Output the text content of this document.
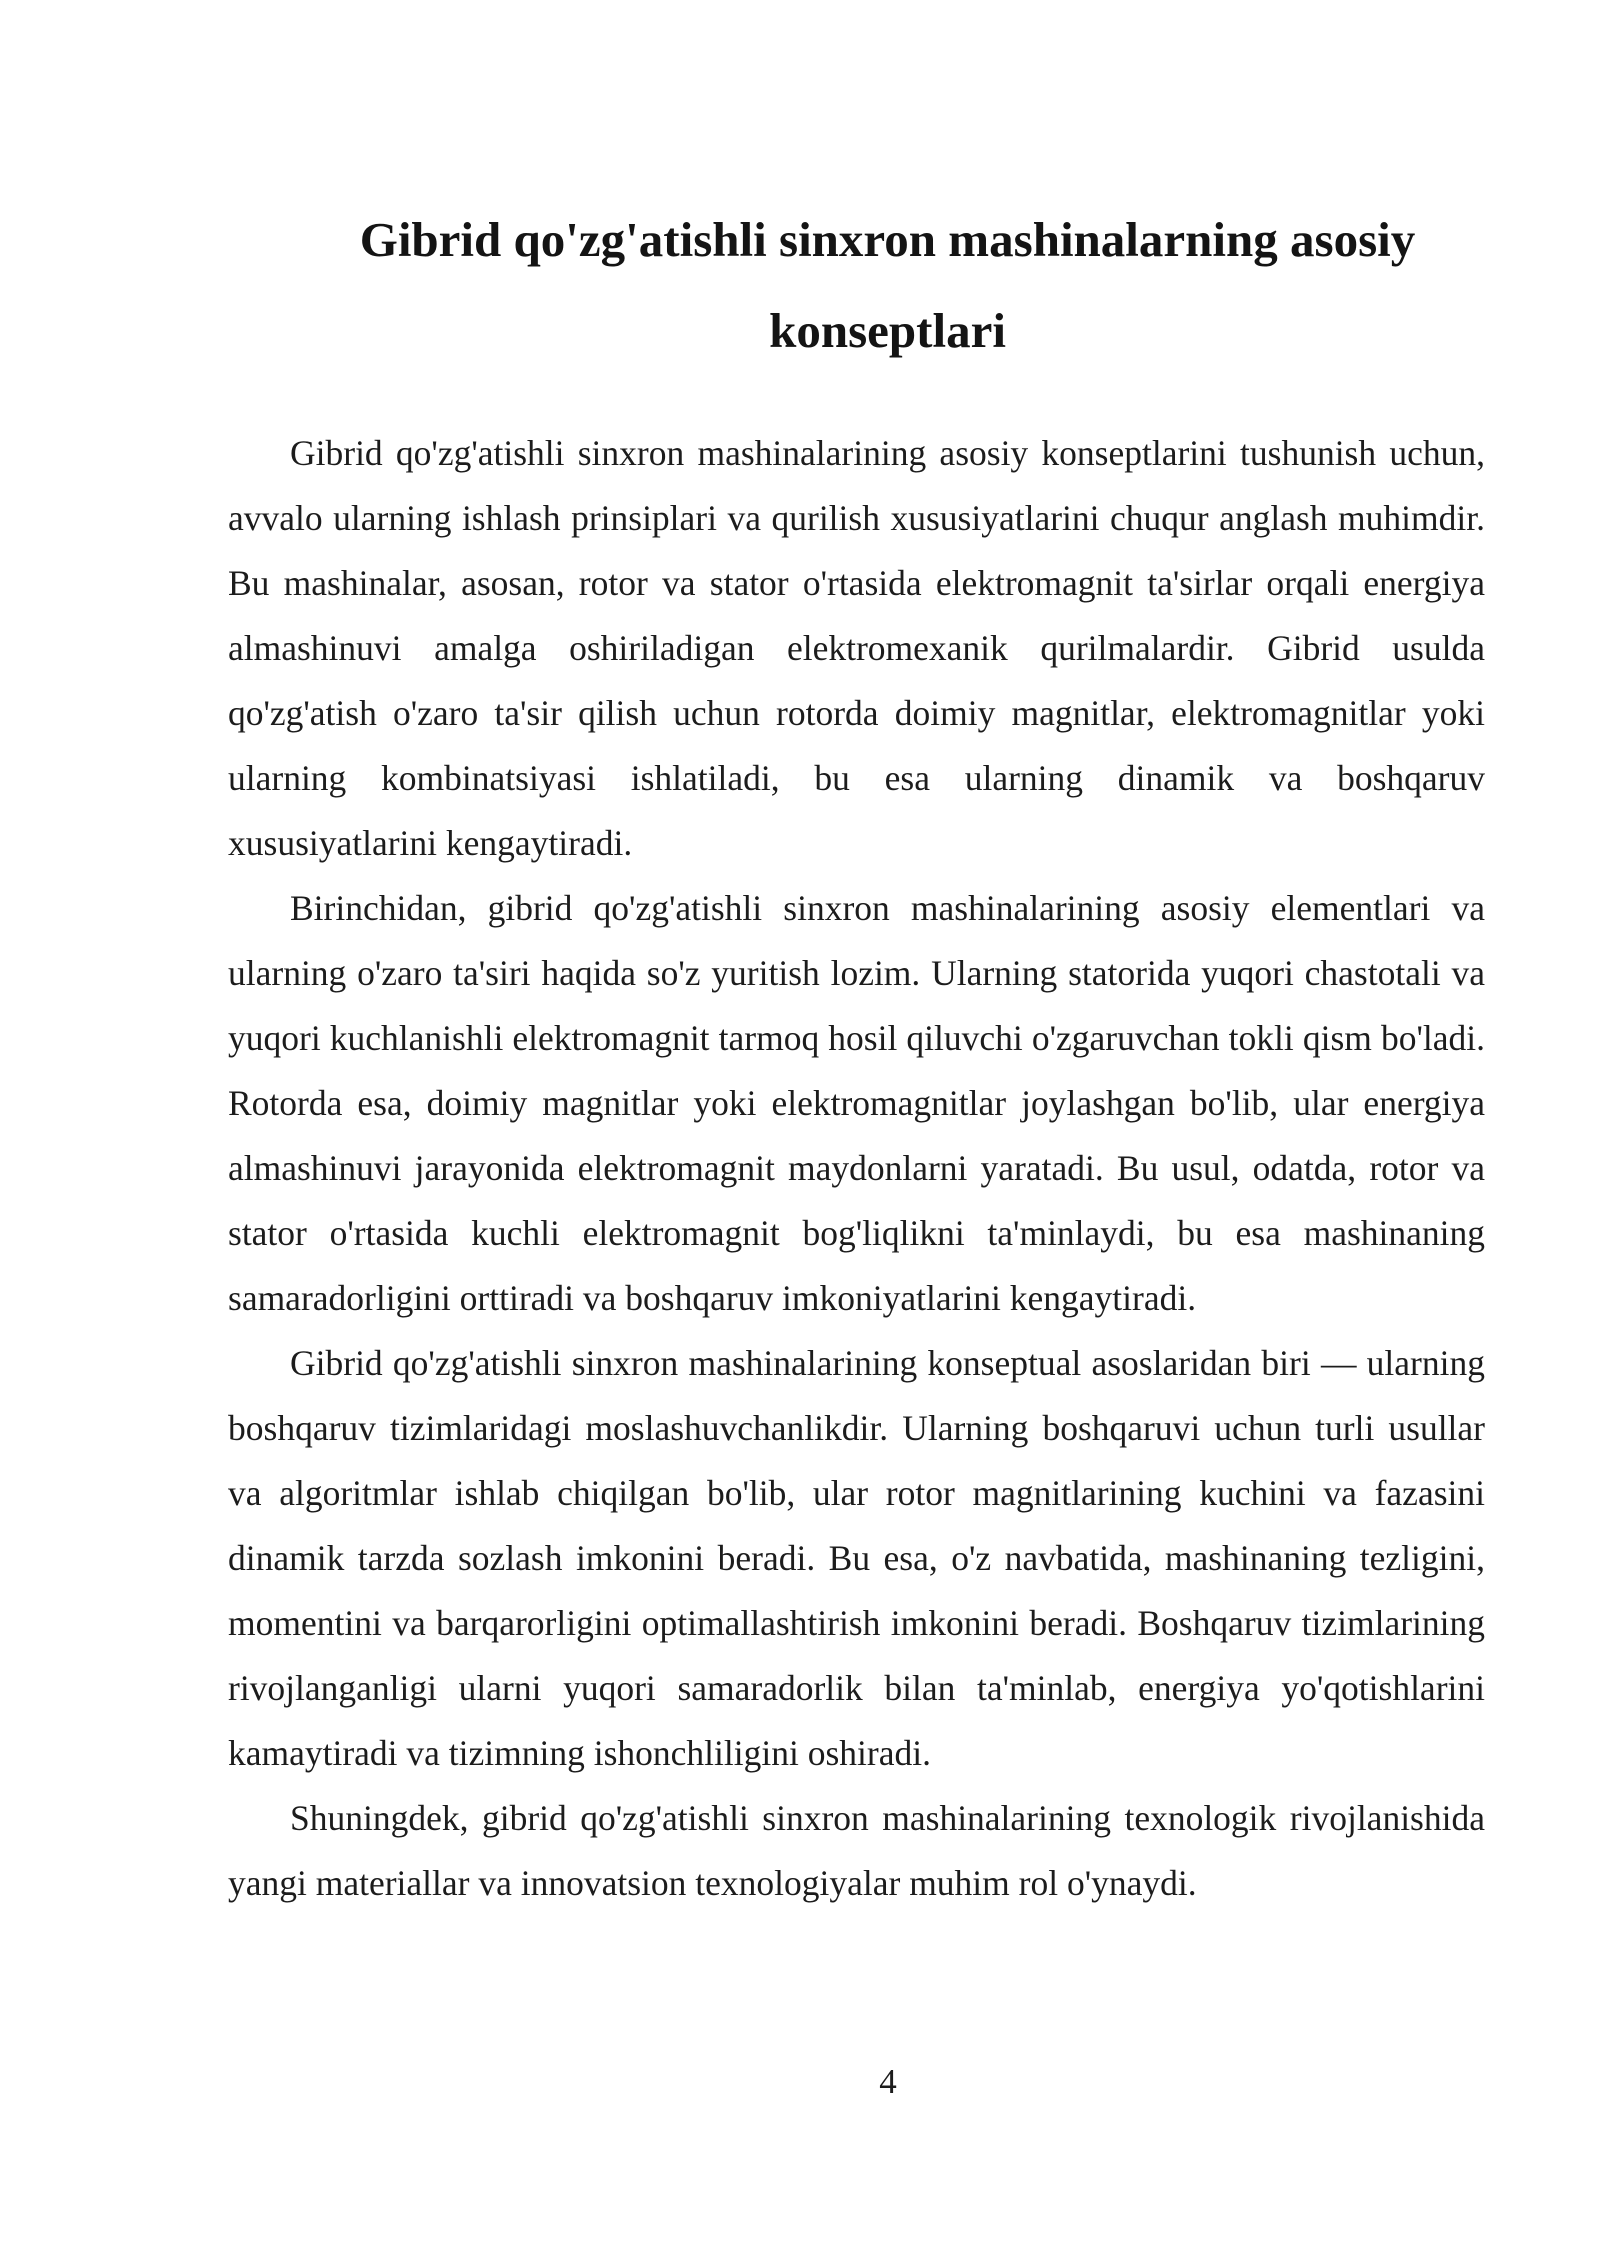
Gibrid qo'zg'atishli sinxron mashinalarning asosiy konseptlari

Gibrid qo'zg'atishli sinxron mashinalarining asosiy konseptlarini tushunish uchun, avvalo ularning ishlash prinsiplari va qurilish xususiyatlarini chuqur anglash muhimdir. Bu mashinalar, asosan, rotor va stator o'rtasida elektromagnit ta'sirlar orqali energiya almashinuvi amalga oshiriladigan elektromexanik qurilmalardir. Gibrid usulda qo'zg'atish o'zaro ta'sir qilish uchun rotorda doimiy magnitlar, elektromagnitlar yoki ularning kombinatsiyasi ishlatiladi, bu esa ularning dinamik va boshqaruv xususiyatlarini kengaytiradi.

Birinchidan, gibrid qo'zg'atishli sinxron mashinalarining asosiy elementlari va ularning o'zaro ta'siri haqida so'z yuritish lozim. Ularning statorida yuqori chastotali va yuqori kuchlanishli elektromagnit tarmoq hosil qiluvchi o'zgaruvchan tokli qism bo'ladi. Rotorda esa, doimiy magnitlar yoki elektromagnitlar joylashgan bo'lib, ular energiya almashinuvi jarayonida elektromagnit maydonlarni yaratadi. Bu usul, odatda, rotor va stator o'rtasida kuchli elektromagnit bog'liqlikni ta'minlaydi, bu esa mashinaning samaradorligini orttiradi va boshqaruv imkoniyatlarini kengaytiradi.

Gibrid qo'zg'atishli sinxron mashinalarining konseptual asoslaridan biri — ularning boshqaruv tizimlaridagi moslashuvchanlikdir. Ularning boshqaruvi uchun turli usullar va algoritmlar ishlab chiqilgan bo'lib, ular rotor magnitlarining kuchini va fazasini dinamik tarzda sozlash imkonini beradi. Bu esa, o'z navbatida, mashinaning tezligini, momentini va barqarorligini optimallashtirish imkonini beradi. Boshqaruv tizimlarining rivojlanganligi ularni yuqori samaradorlik bilan ta'minlab, energiya yo'qotishlarini kamaytiradi va tizimning ishonchliligini oshiradi.

Shuningdek, gibrid qo'zg'atishli sinxron mashinalarining texnologik rivojlanishida yangi materiallar va innovatsion texnologiyalar muhim rol o'ynaydi.

4
